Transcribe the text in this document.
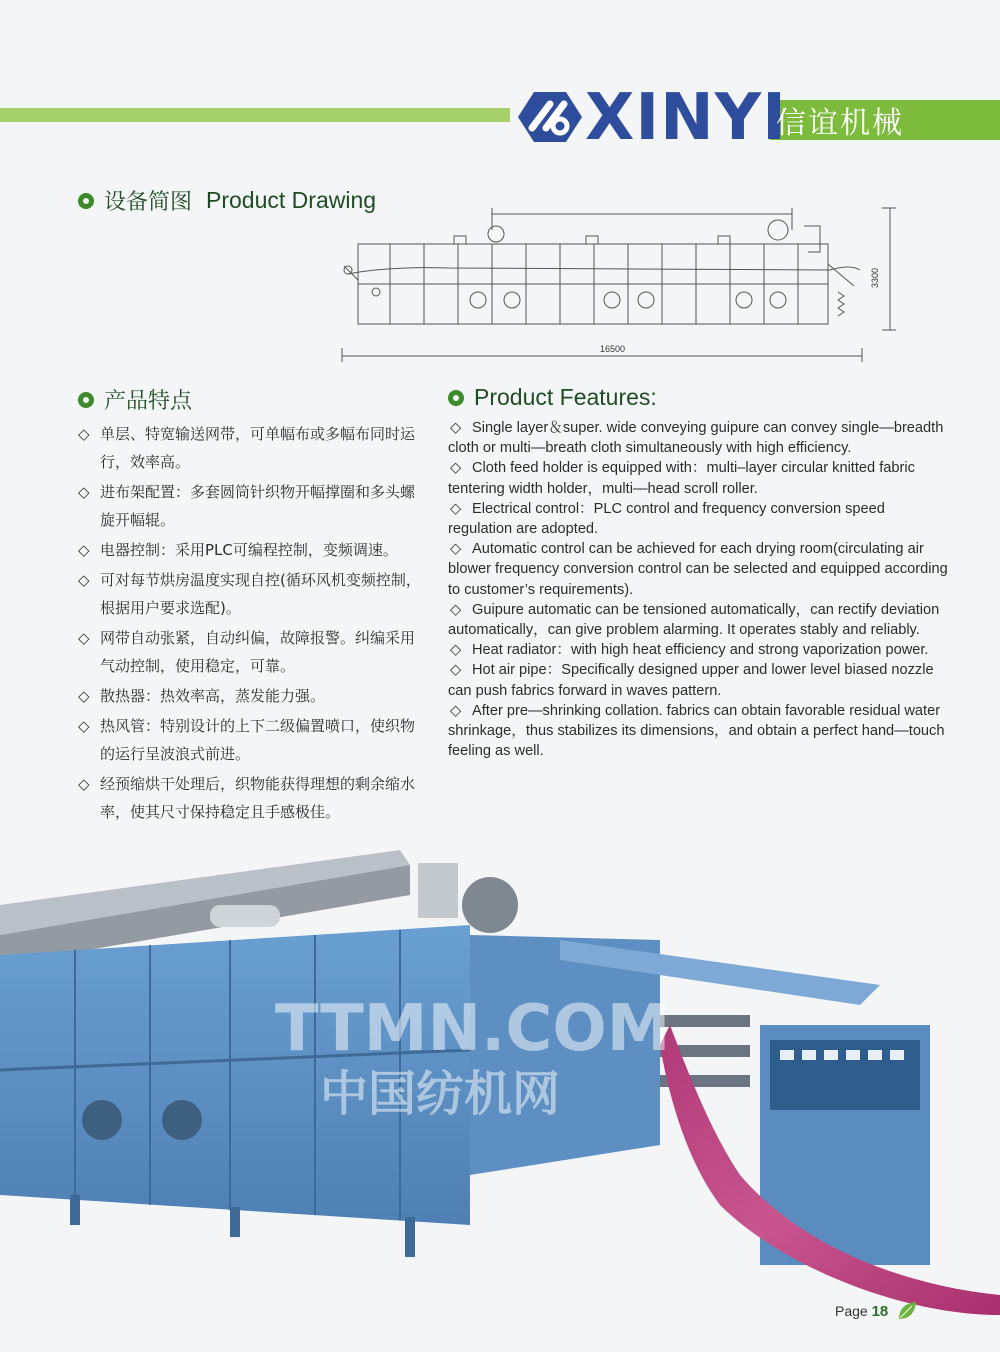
XINYI
信谊机械
设备简图 Product Drawing
16500
3300
产品特点
◇ 单层、特宽输送网带，可单幅布或多幅布同时运行，效率高。
◇ 进布架配置：多套圆筒针织物开幅撑圈和多头螺旋开幅辊。
◇ 电器控制：采用PLC可编程控制，变频调速。
◇ 可对每节烘房温度实现自控(循环风机变频控制，根据用户要求选配)。
◇ 网带自动张紧，自动纠偏，故障报警。纠编采用气动控制，使用稳定，可靠。
◇ 散热器：热效率高，蒸发能力强。
◇ 热风管：特别设计的上下二级偏置喷口，使织物的运行呈波浪式前进。
◇ 经预缩烘干处理后，织物能获得理想的剩余缩水率，使其尺寸保持稳定且手感极佳。
Product Features:
◇ Single layer＆super. wide conveying guipure can convey single—breadth cloth or multi—breath cloth simultaneously with high efficiency.
◇ Cloth feed holder is equipped with：multi–layer circular knitted fabric tentering width holder，multi—head scroll roller.
◇ Electrical control：PLC control and frequency conversion speed regulation are adopted.
◇ Automatic control can be achieved for each drying room(circulating air blower frequency conversion control can be selected and equipped according to customer’s requirements).
◇ Guipure automatic can be tensioned automatically，can rectify deviation automatically，can give problem alarming. It operates stably and reliably.
◇ Heat radiator：with high heat efficiency and strong vaporization power.
◇ Hot air pipe：Specifically designed upper and lower level biased nozzle can push fabrics forward in waves pattern.
◇ After pre—shrinking collation. fabrics can obtain favorable residual water shrinkage，thus stabilizes its dimensions，and obtain a perfect hand—touch feeling as well.
TTMN.COM
中国纺机网
Page 18
